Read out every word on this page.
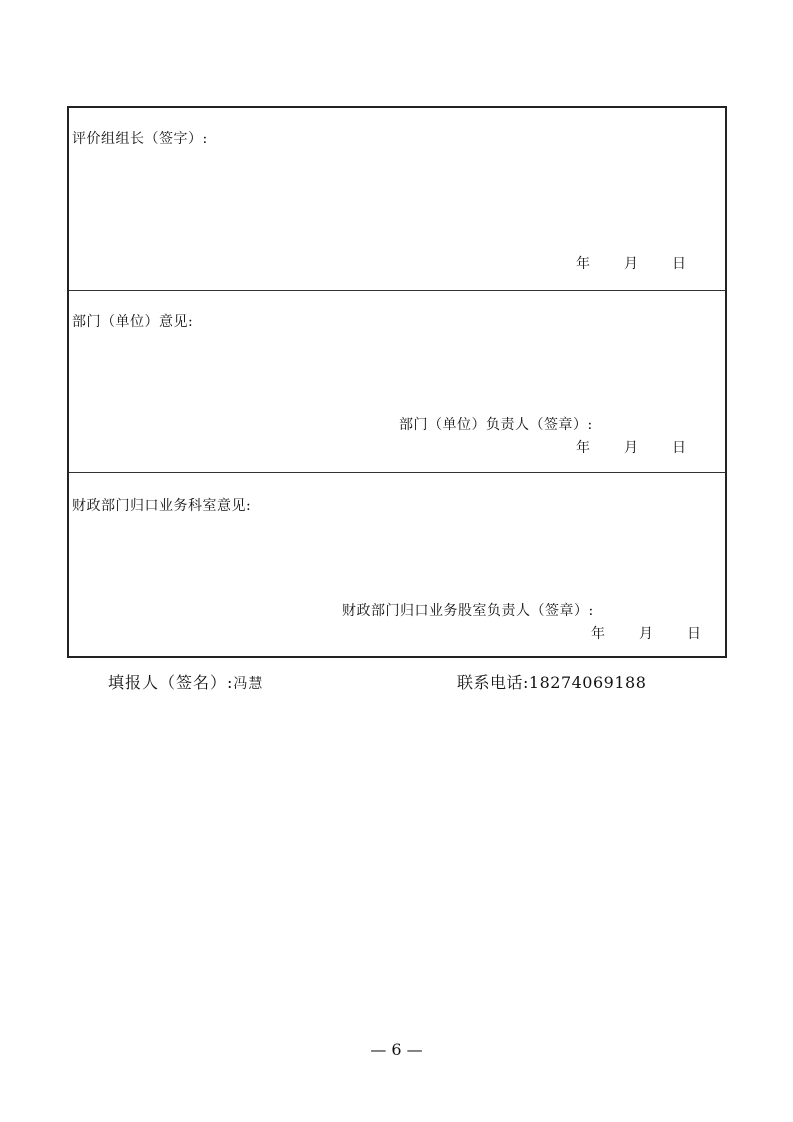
评价组组长（签字）:
年 月 日
部门（单位）意见:
部门（单位）负责人（签章）:
年 月 日
财政部门归口业务科室意见:
财政部门归口业务股室负责人（签章）:
年 月 日
填报人（签名）:冯慧	联系电话:18274069188
— 6 —
